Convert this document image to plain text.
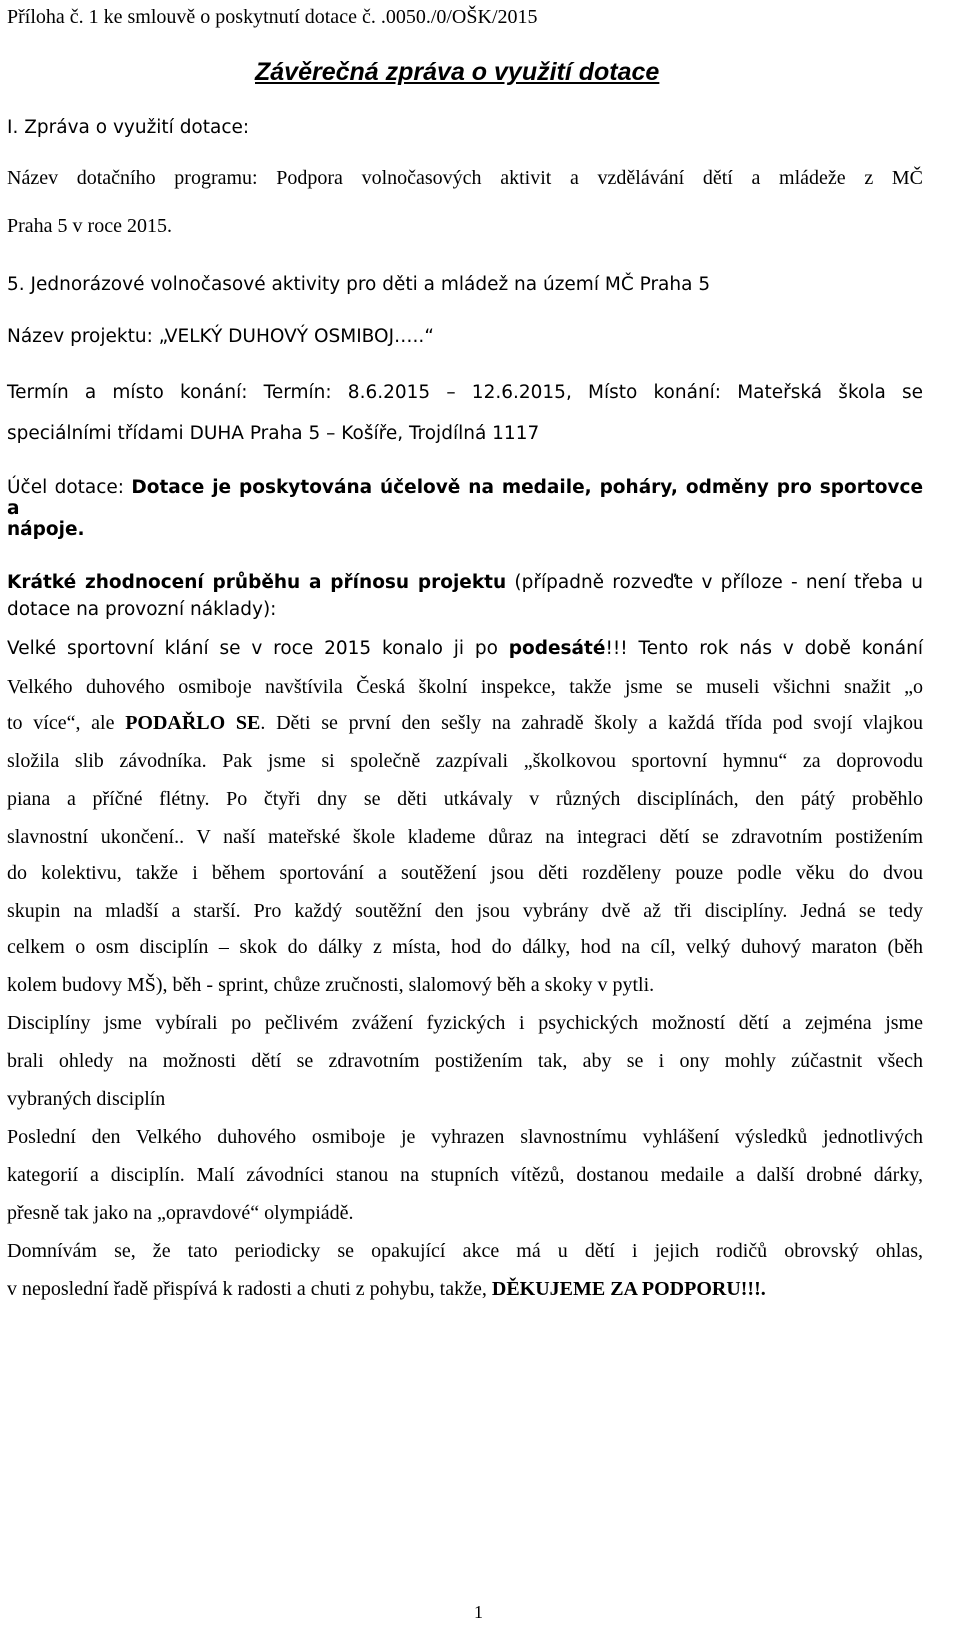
Příloha č. 1 ke smlouvě o poskytnutí dotace č. .0050./0/OŠK/2015
Závěrečná zpráva o využití dotace
I. Zpráva o využití dotace:
Název dotačního programu: Podpora volnočasových aktivit a vzdělávání dětí a mládeže z MČ
Praha 5 v roce 2015.
5. Jednorázové volnočasové aktivity pro děti a mládež na území MČ Praha 5
Název projektu: „VELKÝ DUHOVÝ OSMIBOJ…..“
Termín a místo konání: Termín: 8.6.2015 – 12.6.2015, Místo konání: Mateřská škola se
speciálními třídami DUHA Praha 5 – Košíře, Trojdílná 1117
Účel dotace: Dotace je poskytována účelově na medaile, poháry, odměny pro sportovce a
nápoje.
Krátké zhodnocení průběhu a přínosu projektu (případně rozveďte v příloze - není třeba u
dotace na provozní náklady):
Velké sportovní klání se v roce 2015 konalo ji po podesáté!!! Tento rok nás v době konání
Velkého duhového osmiboje navštívila Česká školní inspekce, takže jsme se museli všichni snažit „o
to více“, ale PODAŘLO SE. Děti se první den sešly na zahradě školy a každá třída pod svojí vlajkou
složila slib závodníka. Pak jsme si společně zazpívali „školkovou sportovní hymnu“ za doprovodu
piana a příčné flétny. Po čtyři dny se děti utkávaly v různých disciplínách, den pátý proběhlo
slavnostní ukončení.. V naší mateřské škole klademe důraz na integraci dětí se zdravotním postižením
do kolektivu, takže i během sportování a soutěžení jsou děti rozděleny pouze podle věku do dvou
skupin na mladší a starší. Pro každý soutěžní den jsou vybrány dvě až tři disciplíny. Jedná se tedy
celkem o osm disciplín – skok do dálky z místa, hod do dálky, hod na cíl, velký duhový maraton (běh
kolem budovy MŠ), běh - sprint, chůze zručnosti, slalomový běh a skoky v pytli.
Disciplíny jsme vybírali po pečlivém zvážení fyzických i psychických možností dětí a zejména jsme
brali ohledy na možnosti dětí se zdravotním postižením tak, aby se i ony mohly zúčastnit všech
vybraných disciplín
Poslední den Velkého duhového osmiboje je vyhrazen slavnostnímu vyhlášení výsledků jednotlivých
kategorií a disciplín. Malí závodníci stanou na stupních vítězů, dostanou medaile a další drobné dárky,
přesně tak jako na „opravdové“ olympiádě.
Domnívám se, že tato periodicky se opakující akce má u dětí i jejich rodičů obrovský ohlas,
v neposlední řadě přispívá k radosti a chuti z pohybu, takže, DĚKUJEME ZA PODPORU!!!.
1
